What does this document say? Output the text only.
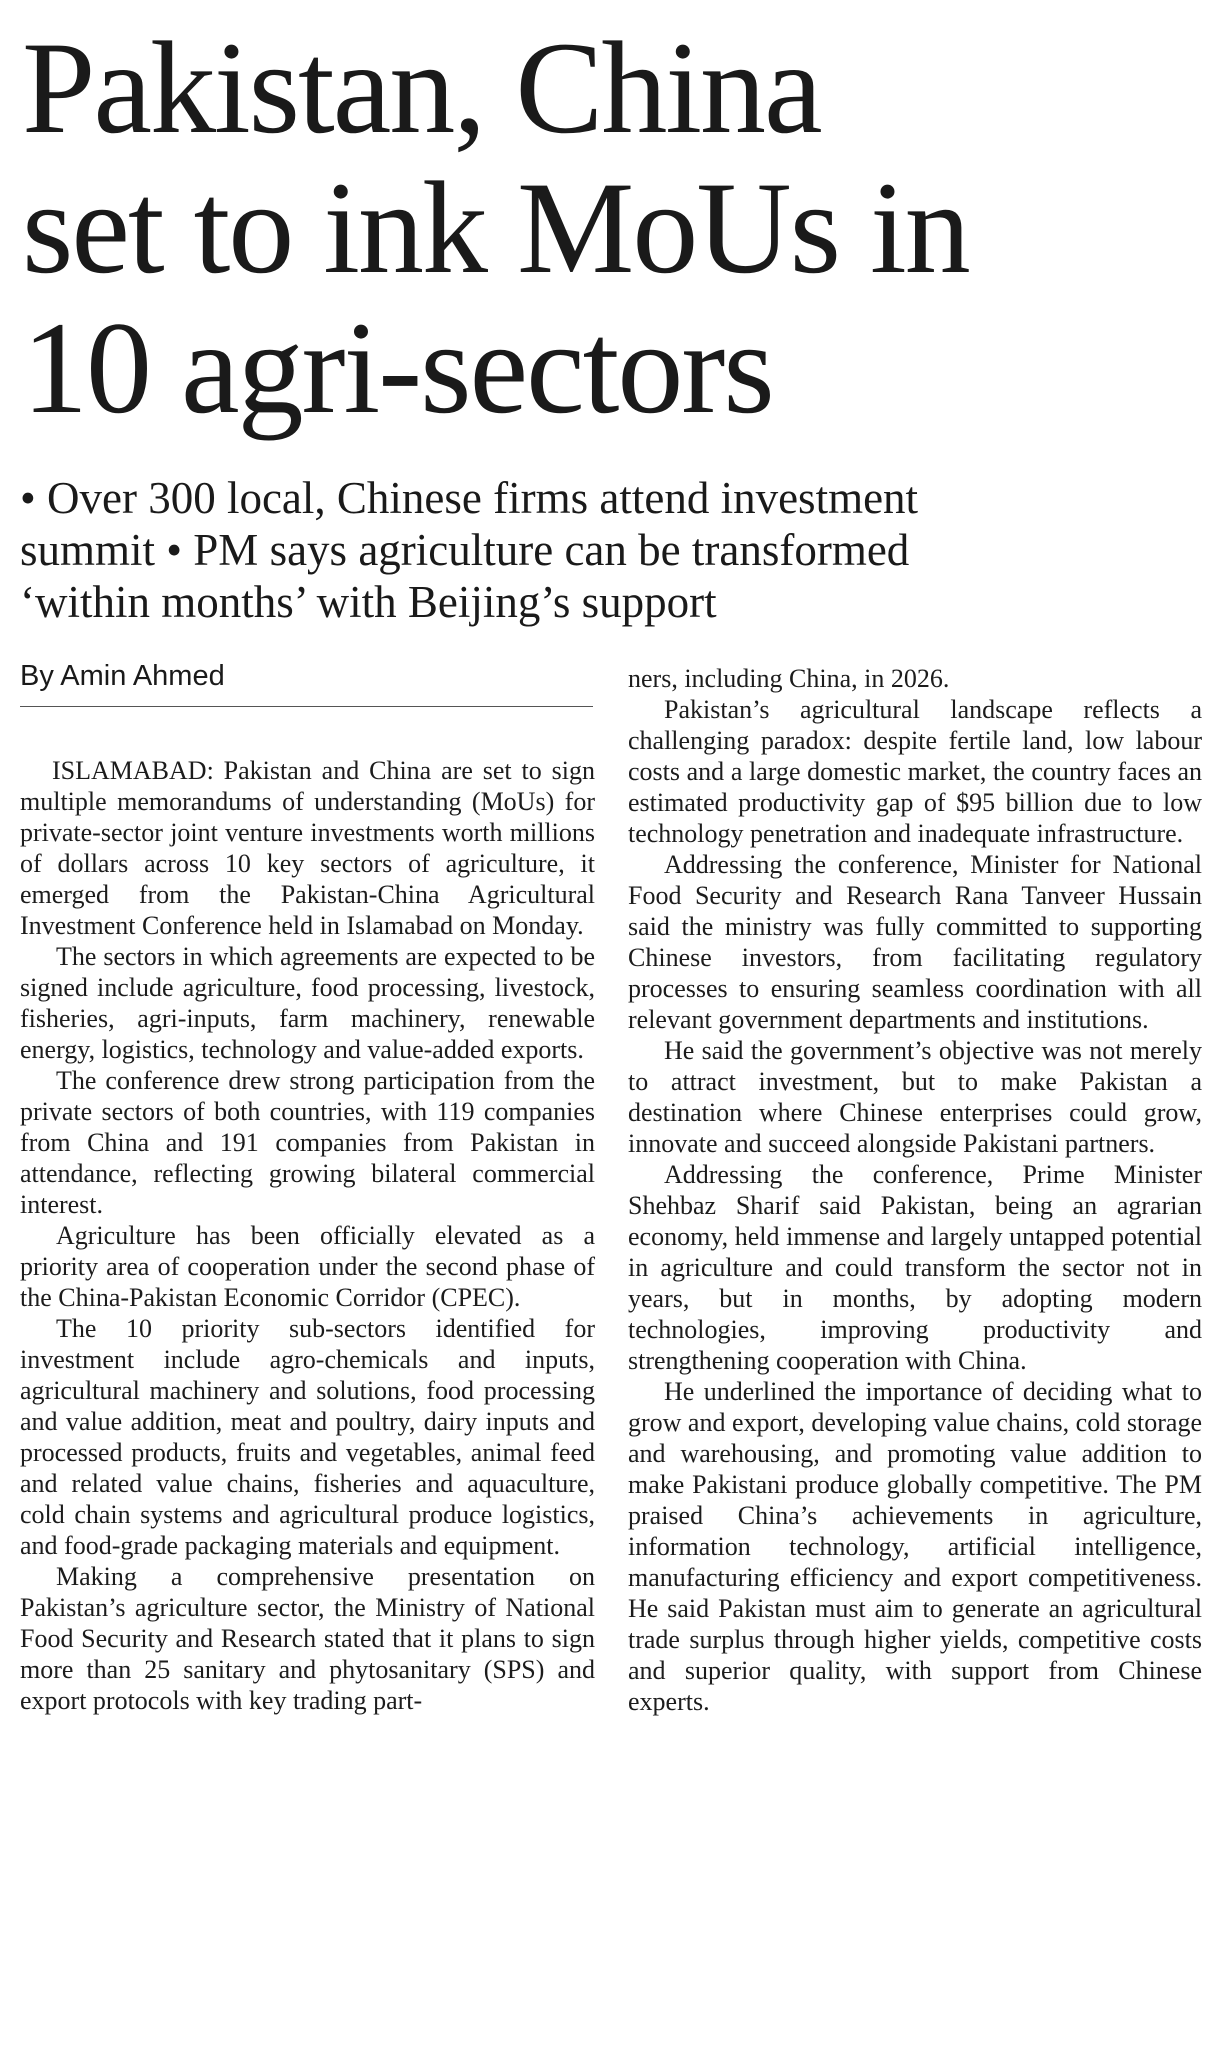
Pakistan, China
set to ink MoUs in
10 agri-sectors
• Over 300 local, Chinese firms attend investment
summit • PM says agriculture can be transformed
‘within months’ with Beijing’s support
By Amin Ahmed

ISLAMABAD: Pakistan and China are set to sign multiple memorandums of understanding (MoUs) for private-sector joint venture investments worth millions of dollars across 10 key sectors of agriculture, it emerged from the Pakistan-China Agricultural Investment Conference held in Islamabad on Monday.

The sectors in which agreements are expected to be signed include agriculture, food processing, livestock, fisheries, agri-inputs, farm machinery, renewable energy, logistics, technology and value-added exports.

The conference drew strong participation from the private sectors of both countries, with 119 companies from China and 191 companies from Pakistan in attendance, reflecting growing bilateral commercial interest.

Agriculture has been officially elevated as a priority area of cooperation under the second phase of the China-Pakistan Economic Corridor (CPEC).

The 10 priority sub-sectors identified for investment include agro-chemicals and inputs, agricultural machinery and solutions, food processing and value addition, meat and poultry, dairy inputs and processed products, fruits and vegetables, animal feed and related value chains, fisheries and aquaculture, cold chain systems and agricultural produce logistics, and food-grade packaging materials and equipment.

Making a comprehensive presentation on Pakistan’s agriculture sector, the Ministry of National Food Security and Research stated that it plans to sign more than 25 sanitary and phytosanitary (SPS) and export protocols with key trading part-

ners, including China, in 2026.

Pakistan’s agricultural landscape reflects a challenging paradox: despite fertile land, low labour costs and a large domestic market, the country faces an estimated productivity gap of $95 billion due to low technology penetration and inadequate infrastructure.

Addressing the conference, Minister for National Food Security and Research Rana Tanveer Hussain said the ministry was fully committed to supporting Chinese investors, from facilitating regulatory processes to ensuring seamless coordination with all relevant government departments and institutions.

He said the government’s objective was not merely to attract investment, but to make Pakistan a destination where Chinese enterprises could grow, innovate and succeed alongside Pakistani partners.

Addressing the conference, Prime Minister Shehbaz Sharif said Pakistan, being an agrarian economy, held immense and largely untapped potential in agriculture and could transform the sector not in years, but in months, by adopting modern technologies, improving productivity and strengthening cooperation with China.

He underlined the importance of deciding what to grow and export, developing value chains, cold storage and warehousing, and promoting value addition to make Pakistani produce globally competitive. The PM praised China’s achievements in agriculture, information technology, artificial intelligence, manufacturing efficiency and export competitiveness. He said Pakistan must aim to generate an agricultural trade surplus through higher yields, competitive costs and superior quality, with support from Chinese experts.
